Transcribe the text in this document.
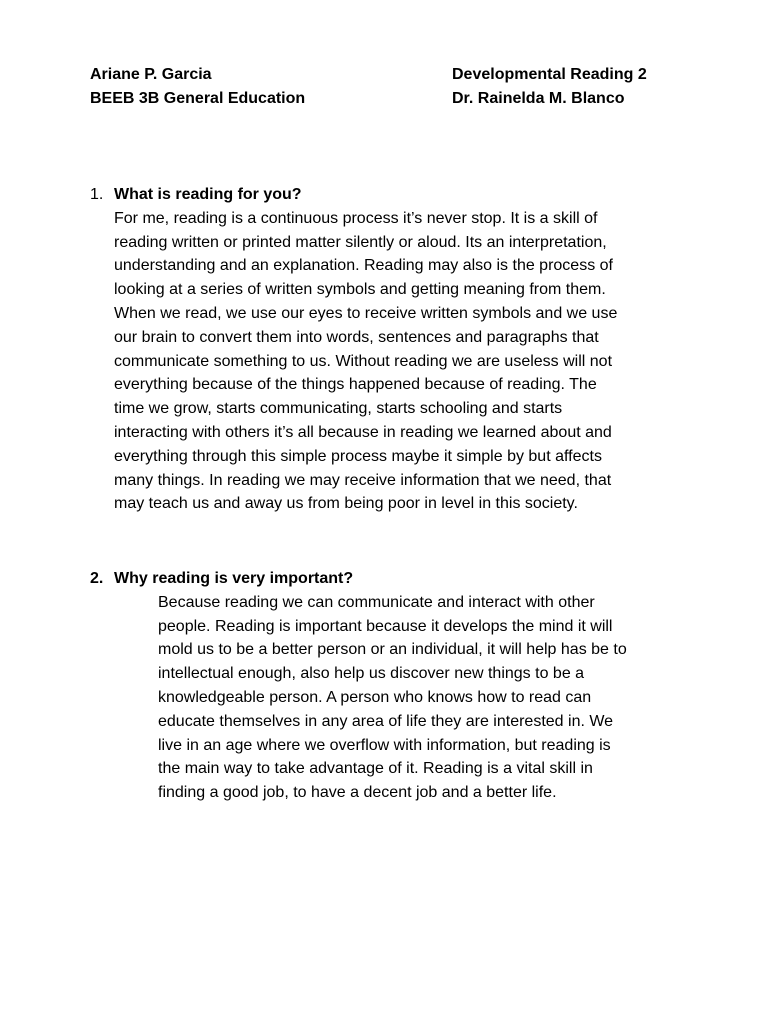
Ariane P. Garcia
BEEB 3B General Education
Developmental Reading 2
Dr. Rainelda M. Blanco
1. What is reading for you?
For me, reading is a continuous process it’s never stop. It is a skill of
reading written or printed matter silently or aloud. Its an interpretation,
understanding and an explanation. Reading may also is the process of
looking at a series of written symbols and getting meaning from them.
When we read, we use our eyes to receive written symbols and we use
our brain to convert them into words, sentences and paragraphs that
communicate something to us. Without reading we are useless will not
everything because of the things happened because of reading. The
time we grow, starts communicating, starts schooling and starts
interacting with others it’s all because in reading we learned about and
everything through this simple process maybe it simple by but affects
many things. In reading we may receive information that we need, that
may teach us and away us from being poor in level in this society.
2. Why reading is very important?
Because reading we can communicate and interact with other
people. Reading is important because it develops the mind it will
mold us to be a better person or an individual, it will help has be to
intellectual enough, also help us discover new things to be a
knowledgeable person. A person who knows how to read can
educate themselves in any area of life they are interested in. We
live in an age where we overflow with information, but reading is
the main way to take advantage of it. Reading is a vital skill in
finding a good job, to have a decent job and a better life.
